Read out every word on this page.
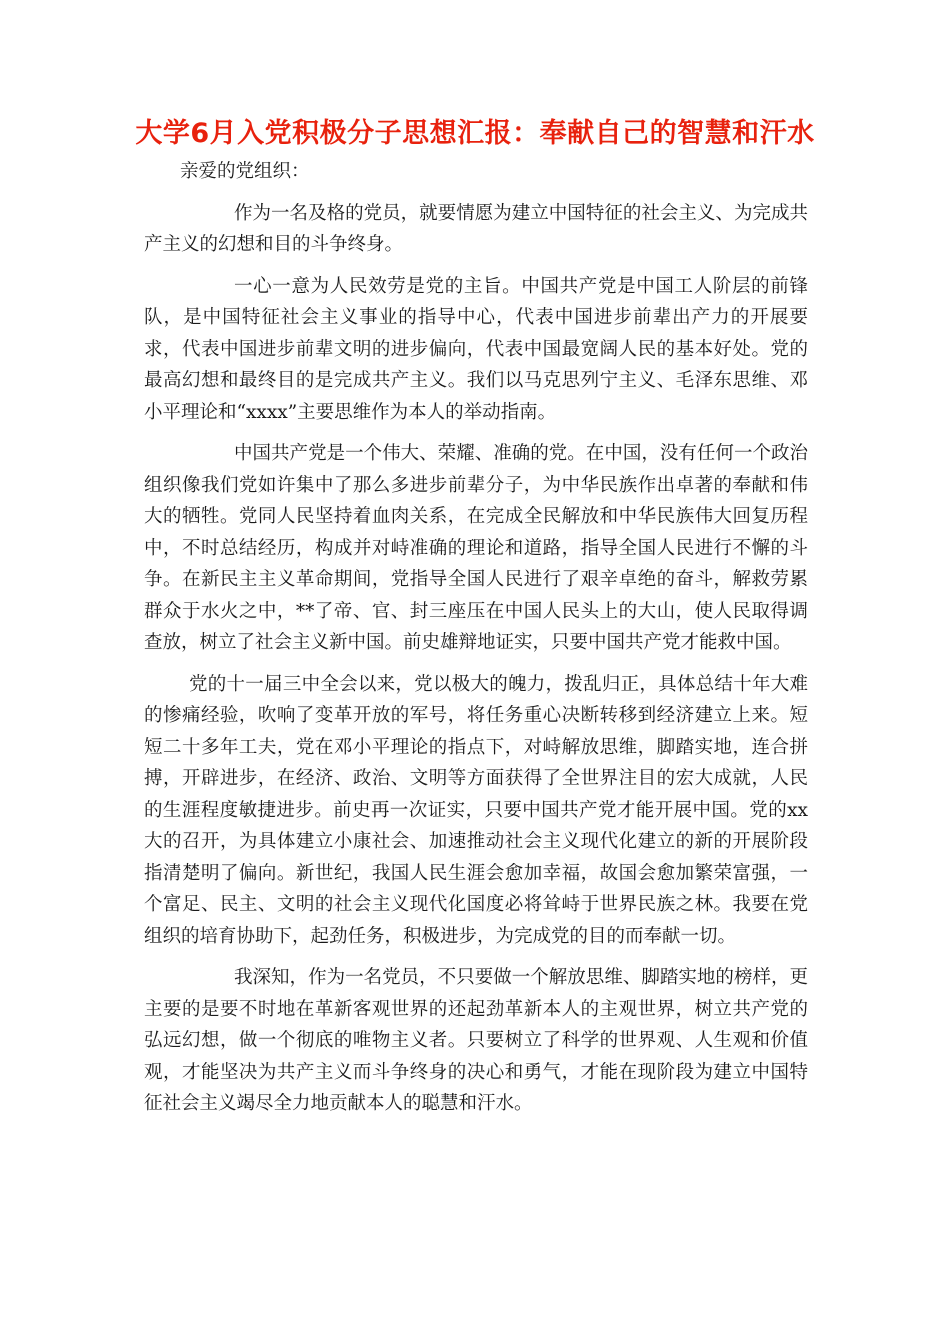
大学6月入党积极分子思想汇报：奉献自己的智慧和汗水

亲爱的党组织：

作为一名及格的党员，就要情愿为建立中国特征的社会主义、为完成共产主义的幻想和目的斗争终身。

一心一意为人民效劳是党的主旨。中国共产党是中国工人阶层的前锋队，是中国特征社会主义事业的指导中心，代表中国进步前辈出产力的开展要求，代表中国进步前辈文明的进步偏向，代表中国最宽阔人民的基本好处。党的最高幻想和最终目的是完成共产主义。我们以马克思列宁主义、毛泽东思维、邓小平理论和“xxxx”主要思维作为本人的举动指南。

中国共产党是一个伟大、荣耀、准确的党。在中国，没有任何一个政治组织像我们党如许集中了那么多进步前辈分子，为中华民族作出卓著的奉献和伟大的牺牲。党同人民坚持着血肉关系，在完成全民解放和中华民族伟大回复历程中，不时总结经历，构成并对峙准确的理论和道路，指导全国人民进行不懈的斗争。在新民主主义革命期间，党指导全国人民进行了艰辛卓绝的奋斗，解救劳累群众于水火之中，**了帝、官、封三座压在中国人民头上的大山，使人民取得调查放，树立了社会主义新中国。前史雄辩地证实，只要中国共产党才能救中国。

党的十一届三中全会以来，党以极大的魄力，拨乱归正，具体总结十年大难的惨痛经验，吹响了变革开放的军号，将任务重心决断转移到经济建立上来。短短二十多年工夫，党在邓小平理论的指点下，对峙解放思维，脚踏实地，连合拼搏，开辟进步，在经济、政治、文明等方面获得了全世界注目的宏大成就，人民的生涯程度敏捷进步。前史再一次证实，只要中国共产党才能开展中国。党的xx大的召开，为具体建立小康社会、加速推动社会主义现代化建立的新的开展阶段指清楚明了偏向。新世纪，我国人民生涯会愈加幸福，故国会愈加繁荣富强，一个富足、民主、文明的社会主义现代化国度必将耸峙于世界民族之林。我要在党组织的培育协助下，起劲任务，积极进步，为完成党的目的而奉献一切。

我深知，作为一名党员，不只要做一个解放思维、脚踏实地的榜样，更主要的是要不时地在革新客观世界的还起劲革新本人的主观世界，树立共产党的弘远幻想，做一个彻底的唯物主义者。只要树立了科学的世界观、人生观和价值观，才能坚决为共产主义而斗争终身的决心和勇气，才能在现阶段为建立中国特征社会主义竭尽全力地贡献本人的聪慧和汗水。
